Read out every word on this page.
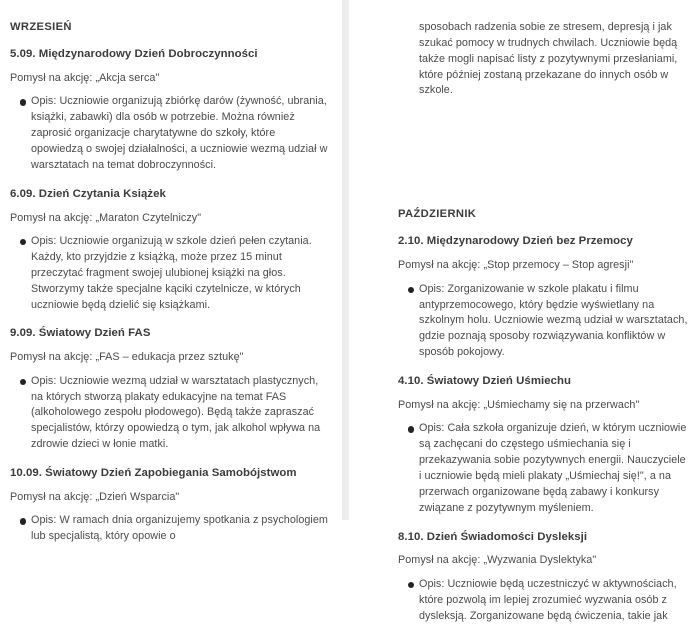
WRZESIEŃ
5.09. Międzynarodowy Dzień Dobroczynności
Pomysł na akcję: „Akcja serca"
Opis: Uczniowie organizują zbiórkę darów (żywność, ubrania, książki, zabawki) dla osób w potrzebie. Można również zaprosić organizacje charytatywne do szkoły, które opowiedzą o swojej działalności, a uczniowie wezmą udział w warsztatach na temat dobroczynności.
6.09. Dzień Czytania Książek
Pomysł na akcję: „Maraton Czytelniczy"
Opis: Uczniowie organizują w szkole dzień pełen czytania. Każdy, kto przyjdzie z książką, może przez 15 minut przeczytać fragment swojej ulubionej książki na głos. Stworzymy także specjalne kąciki czytelnicze, w których uczniowie będą dzielić się książkami.
9.09. Światowy Dzień FAS
Pomysł na akcję: „FAS – edukacja przez sztukę"
Opis: Uczniowie wezmą udział w warsztatach plastycznych, na których stworzą plakaty edukacyjne na temat FAS (alkoholowego zespołu płodowego). Będą także zapraszać specjalistów, którzy opowiedzą o tym, jak alkohol wpływa na zdrowie dzieci w łonie matki.
10.09. Światowy Dzień Zapobiegania Samobójstwom
Pomysł na akcję: „Dzień Wsparcia"
Opis: W ramach dnia organizujemy spotkania z psychologiem lub specjalistą, który opowie o
sposobach radzenia sobie ze stresem, depresją i jak szukać pomocy w trudnych chwilach. Uczniowie będą także mogli napisać listy z pozytywnymi przesłaniami, które później zostaną przekazane do innych osób w szkole.
PAŹDZIERNIK
2.10. Międzynarodowy Dzień bez Przemocy
Pomysł na akcję: „Stop przemocy – Stop agresji"
Opis: Zorganizowanie w szkole plakatu i filmu antyprzemocowego, który będzie wyświetlany na szkolnym holu. Uczniowie wezmą udział w warsztatach, gdzie poznają sposoby rozwiązywania konfliktów w sposób pokojowy.
4.10. Światowy Dzień Uśmiechu
Pomysł na akcję: „Uśmiechamy się na przerwach"
Opis: Cała szkoła organizuje dzień, w którym uczniowie są zachęcani do częstego uśmiechania się i przekazywania sobie pozytywnych energii. Nauczyciele i uczniowie będą mieli plakaty „Uśmiechaj się!", a na przerwach organizowane będą zabawy i konkursy związane z pozytywnym myśleniem.
8.10. Dzień Świadomości Dysleksji
Pomysł na akcję: „Wyzwania Dyslektyka"
Opis: Uczniowie będą uczestniczyć w aktywnościach, które pozwolą im lepiej zrozumieć wyzwania osób z dysleksją. Zorganizowane będą ćwiczenia, takie jak
